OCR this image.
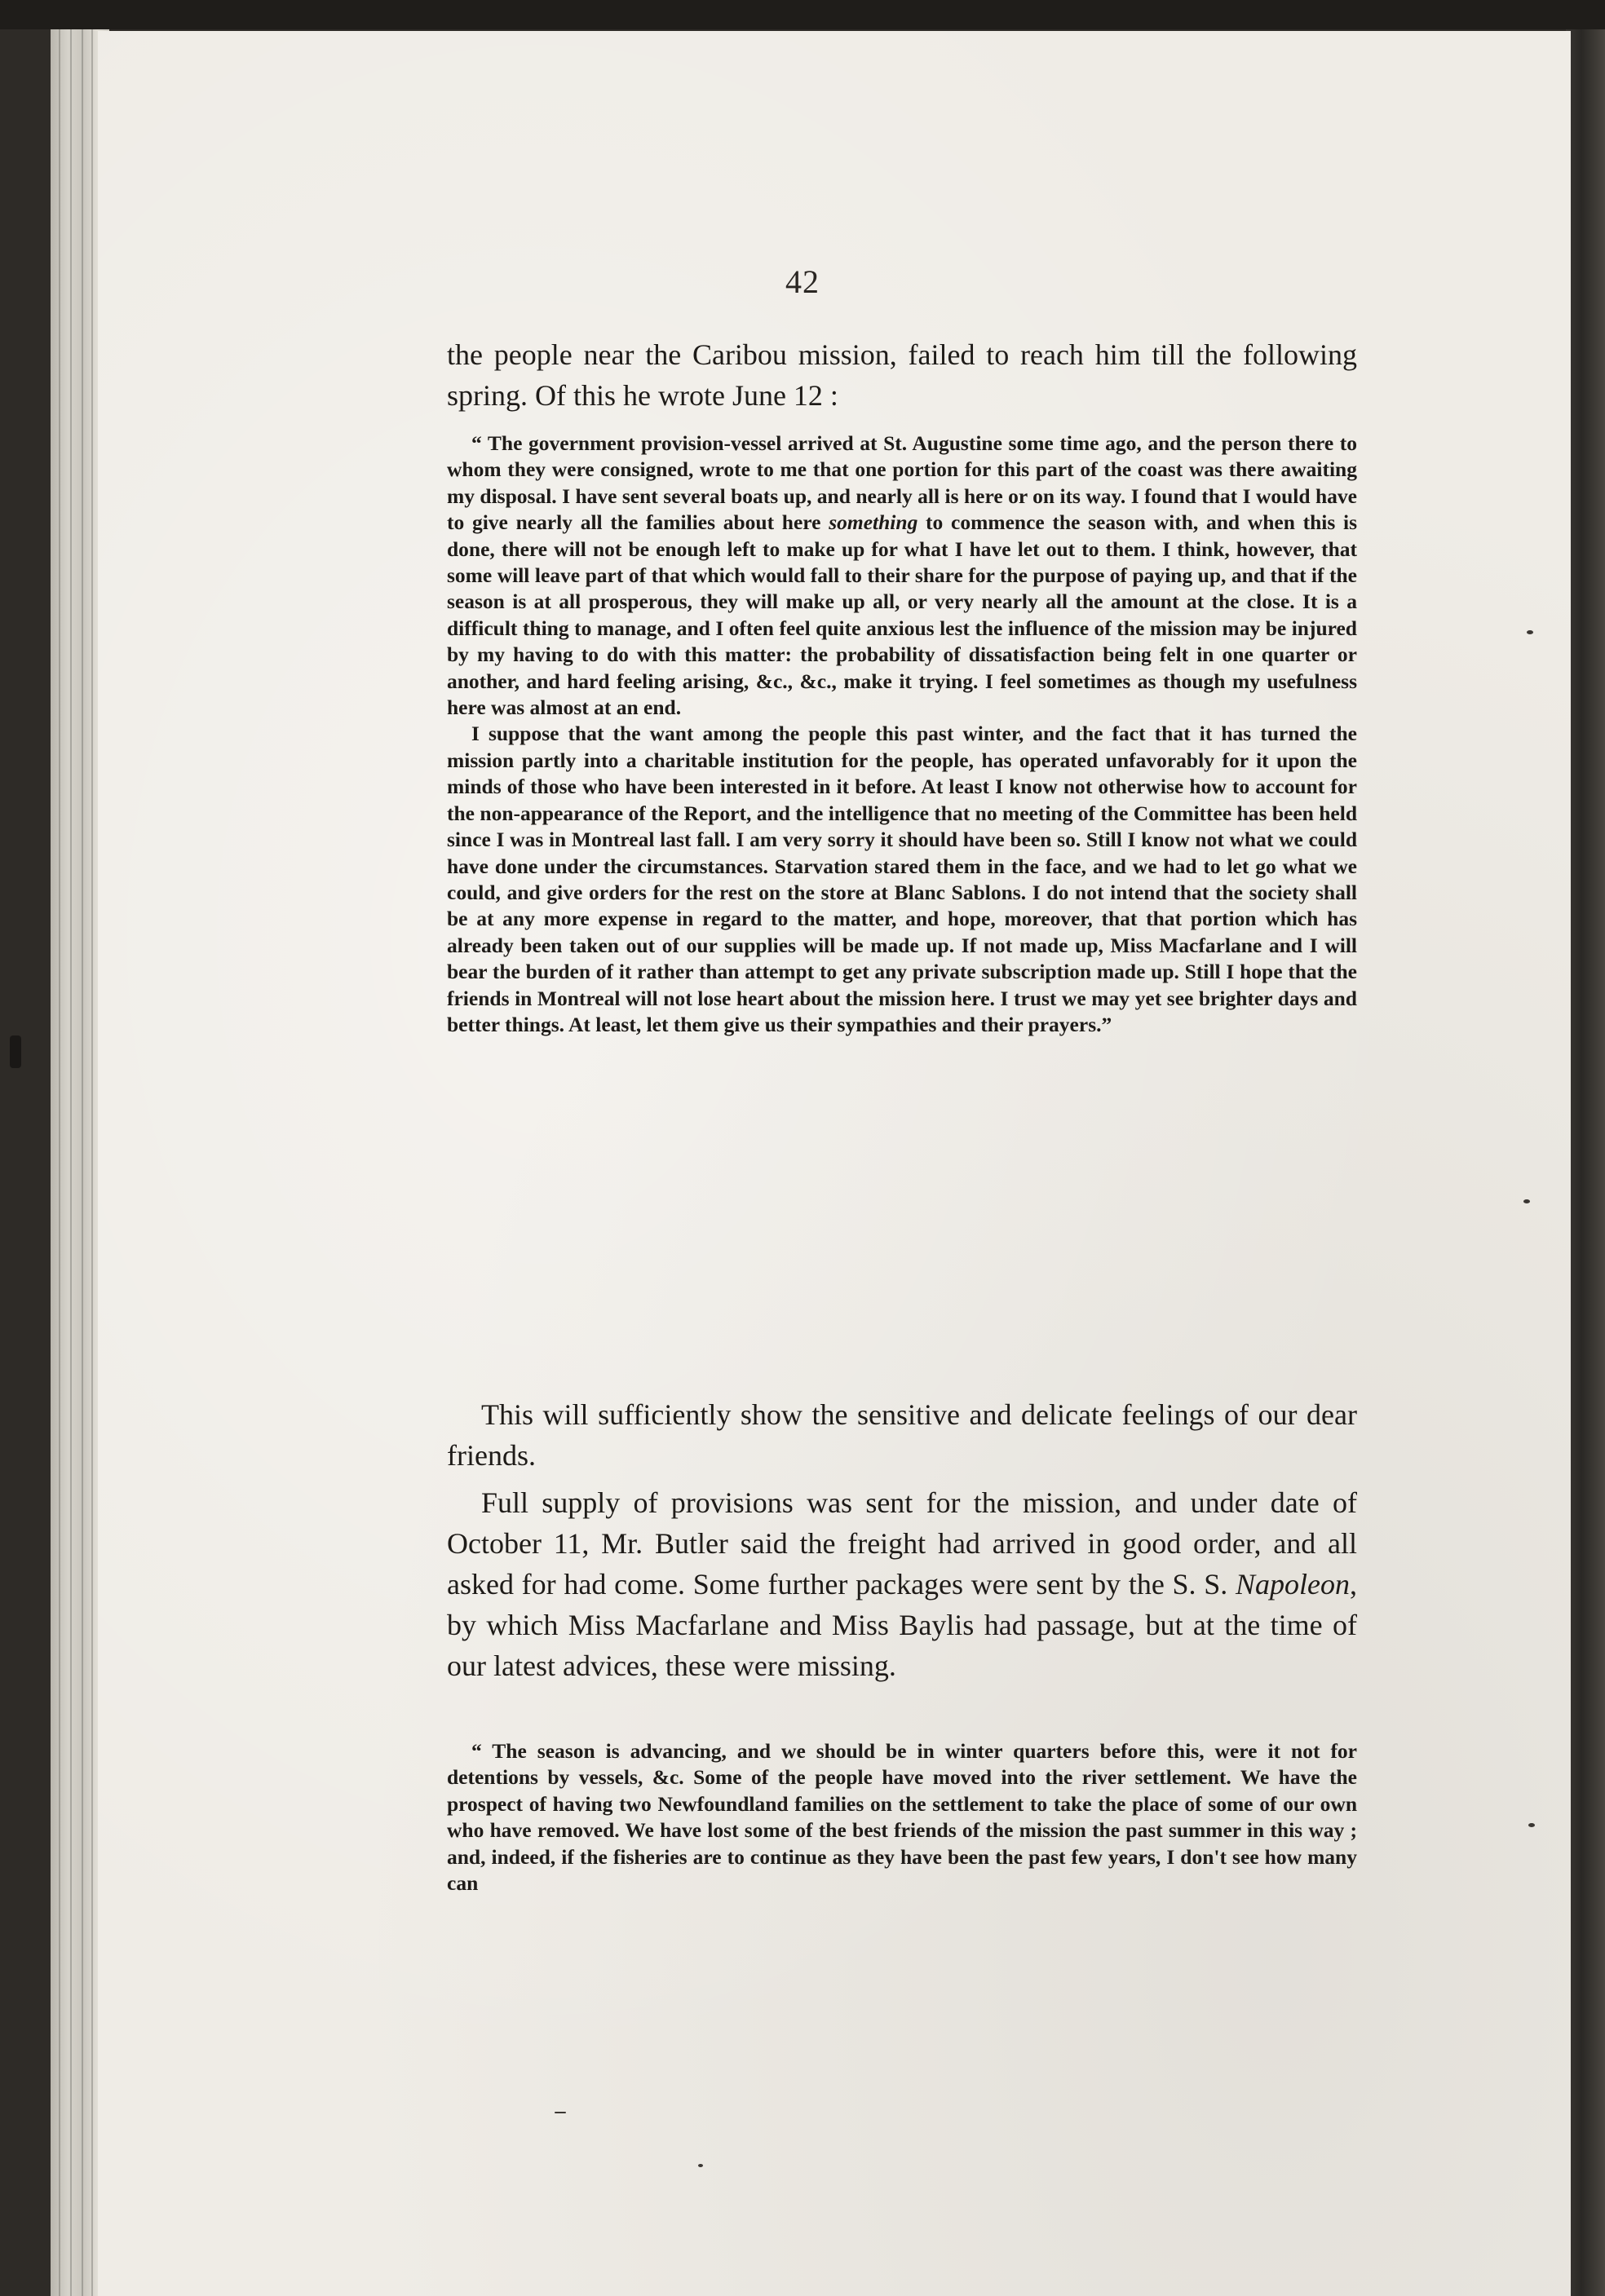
42

the people near the Caribou mission, failed to reach him till the following spring. Of this he wrote June 12 :

“ The government provision-vessel arrived at St. Augustine some time ago, and the person there to whom they were consigned, wrote to me that one portion for this part of the coast was there awaiting my disposal. I have sent several boats up, and nearly all is here or on its way. I found that I would have to give nearly all the families about here something to commence the season with, and when this is done, there will not be enough left to make up for what I have let out to them. I think, however, that some will leave part of that which would fall to their share for the purpose of paying up, and that if the season is at all prosperous, they will make up all, or very nearly all the amount at the close. It is a difficult thing to manage, and I often feel quite anxious lest the influence of the mission may be injured by my having to do with this matter: the probability of dissatisfaction being felt in one quarter or another, and hard feeling arising, &c., &c., make it trying. I feel sometimes as though my usefulness here was almost at an end.

I suppose that the want among the people this past winter, and the fact that it has turned the mission partly into a charitable institution for the people, has operated unfavorably for it upon the minds of those who have been interested in it before. At least I know not otherwise how to account for the non-appearance of the Report, and the intelligence that no meeting of the Committee has been held since I was in Montreal last fall. I am very sorry it should have been so. Still I know not what we could have done under the circumstances. Starvation stared them in the face, and we had to let go what we could, and give orders for the rest on the store at Blanc Sablons. I do not intend that the society shall be at any more expense in regard to the matter, and hope, moreover, that that portion which has already been taken out of our supplies will be made up. If not made up, Miss Macfarlane and I will bear the burden of it rather than attempt to get any private subscription made up. Still I hope that the friends in Montreal will not lose heart about the mission here. I trust we may yet see brighter days and better things. At least, let them give us their sympathies and their prayers.”

This will sufficiently show the sensitive and delicate feelings of our dear friends.

Full supply of provisions was sent for the mission, and under date of October 11, Mr. Butler said the freight had arrived in good order, and all asked for had come. Some further packages were sent by the S. S. Napoleon, by which Miss Macfarlane and Miss Baylis had passage, but at the time of our latest advices, these were missing.

“ The season is advancing, and we should be in winter quarters before this, were it not for detentions by vessels, &c. Some of the people have moved into the river settlement. We have the prospect of having two Newfoundland families on the settlement to take the place of some of our own who have removed. We have lost some of the best friends of the mission the past summer in this way ; and, indeed, if the fisheries are to continue as they have been the past few years, I don't see how many can
